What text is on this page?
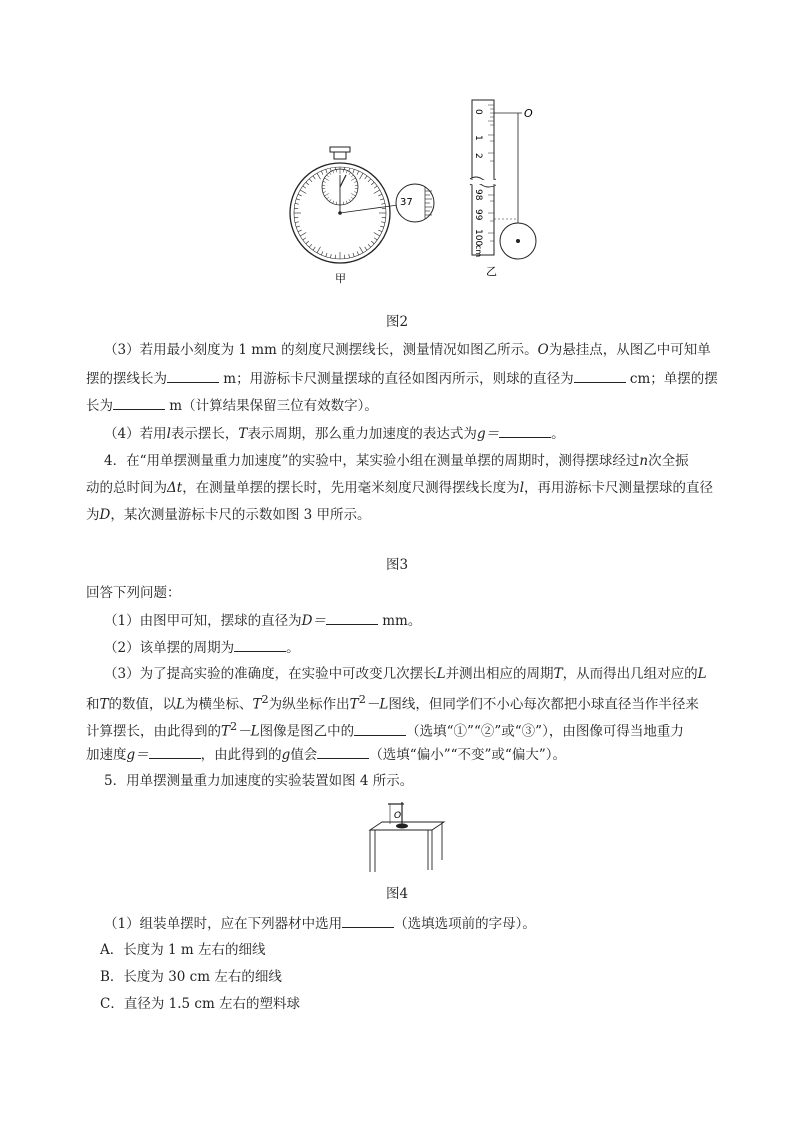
37
甲
0
1
2
98
99
100
cm
O
乙
图2
（3）若用最小刻度为 1 mm 的刻度尺测摆线长，测量情况如图乙所示。O为悬挂点，从图乙中可知单
摆的摆线长为	m；用游标卡尺测量摆球的直径如图丙所示，则球的直径为	cm；单摆的摆
长为	m（计算结果保留三位有效数字）。
（4）若用l表示摆长，T表示周期，那么重力加速度的表达式为g＝	。
4．在“用单摆测量重力加速度”的实验中，某实验小组在测量单摆的周期时，测得摆球经过n次全振
动的总时间为Δt，在测量单摆的摆长时，先用毫米刻度尺测得摆线长度为l，再用游标卡尺测量摆球的直径
为D，某次测量游标卡尺的示数如图 3 甲所示。
图3
回答下列问题：
（1）由图甲可知，摆球的直径为D＝	mm。
（2）该单摆的周期为	。
（3）为了提高实验的准确度，在实验中可改变几次摆长L并测出相应的周期T，从而得出几组对应的L
和T的数值，以L为横坐标、$T^2$为纵坐标作出$T^2-L$图线，但同学们不小心每次都把小球直径当作半径来
计算摆长，由此得到的$T^2-L$图像是图乙中的	（选填“①”“②”或“③”），由图像可得当地重力
加速度g＝	，由此得到的g值会	（选填“偏小”“不变”或“偏大”）。
5．用单摆测量重力加速度的实验装置如图 4 所示。
O
图4
（1）组装单摆时，应在下列器材中选用	（选填选项前的字母）。
A．长度为 1 m 左右的细线
B．长度为 30 cm 左右的细线
C．直径为 1.5 cm 左右的塑料球
